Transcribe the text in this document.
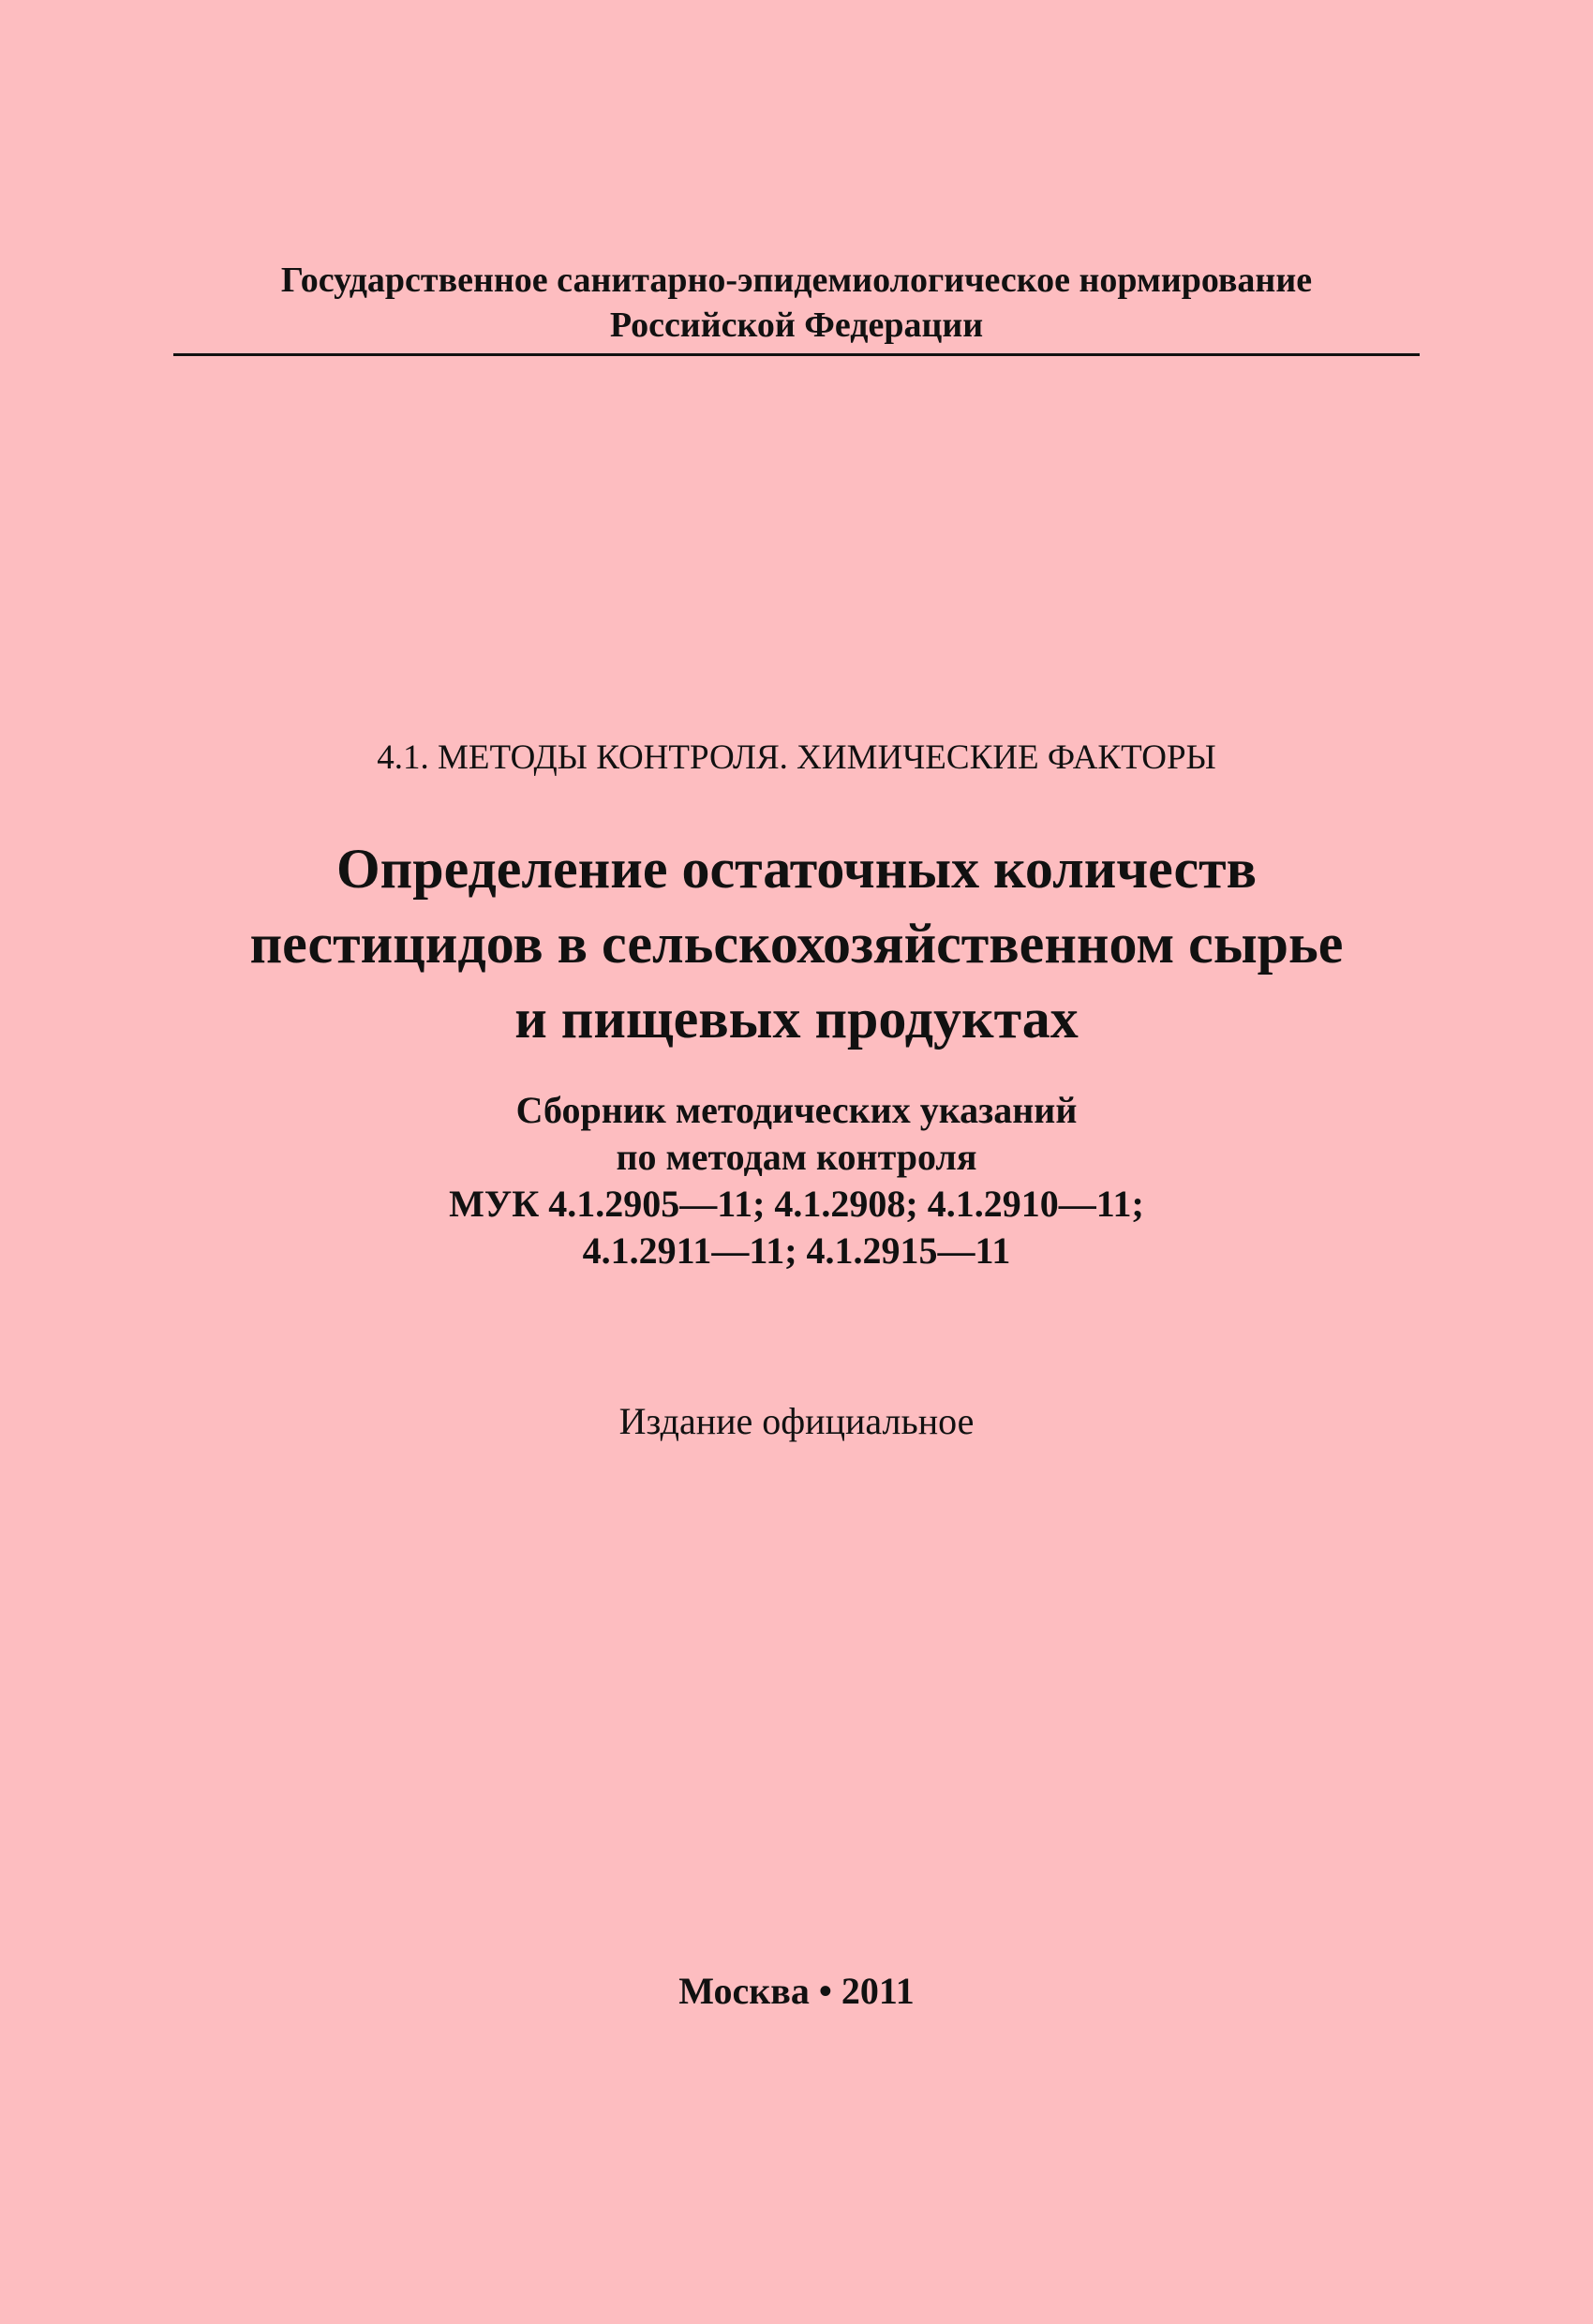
Государственное санитарно-эпидемиологическое нормирование
Российской Федерации
4.1. МЕТОДЫ КОНТРОЛЯ. ХИМИЧЕСКИЕ ФАКТОРЫ
Определение остаточных количеств
пестицидов в сельскохозяйственном сырье
и пищевых продуктах
Сборник методических указаний
по методам контроля
МУК 4.1.2905—11; 4.1.2908; 4.1.2910—11;
4.1.2911—11; 4.1.2915—11
Издание официальное
Москва • 2011
